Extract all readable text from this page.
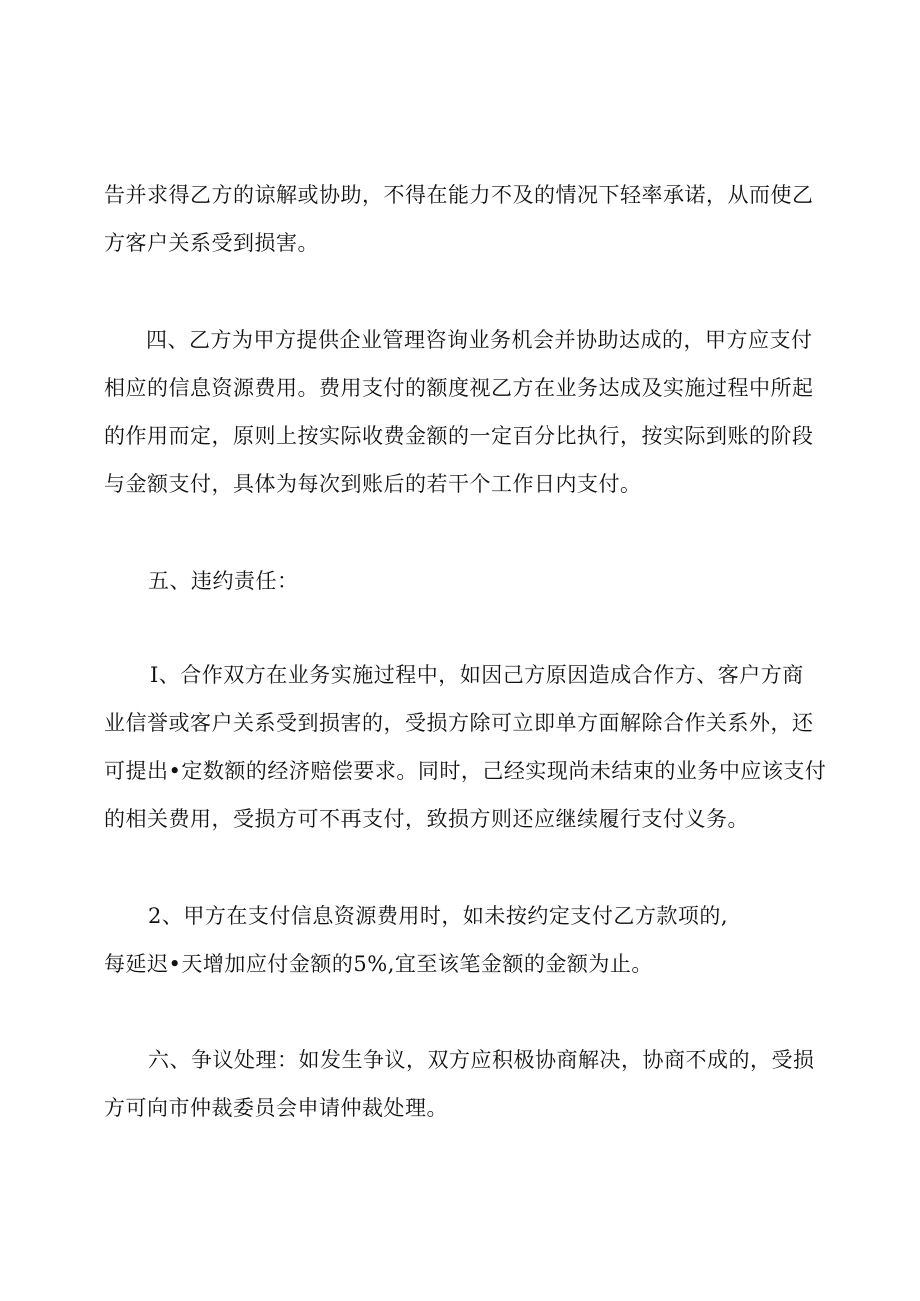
告并求得乙方的谅解或协助，不得在能力不及的情况下轻率承诺，从而使乙
方客户关系受到损害。
四、乙方为甲方提供企业管理咨询业务机会并协助达成的，甲方应支付
相应的信息资源费用。费用支付的额度视乙方在业务达成及实施过程中所起
的作用而定，原则上按实际收费金额的一定百分比执行，按实际到账的阶段
与金额支付，具体为每次到账后的若干个工作日内支付。
五、违约责任：
I、合作双方在业务实施过程中，如因己方原因造成合作方、客户方商
业信誉或客户关系受到损害的，受损方除可立即单方面解除合作关系外，还
可提出•定数额的经济赔偿要求。同时，己经实现尚未结束的业务中应该支付
的相关费用，受损方可不再支付，致损方则还应继续履行支付义务。
2、甲方在支付信息资源费用时，如未按约定支付乙方款项的,
每延迟•天增加应付金额的5%,宜至该笔金额的金额为止。
六、争议处理：如发生争议，双方应积极协商解决，协商不成的，受损
方可向市仲裁委员会申请仲裁处理。
